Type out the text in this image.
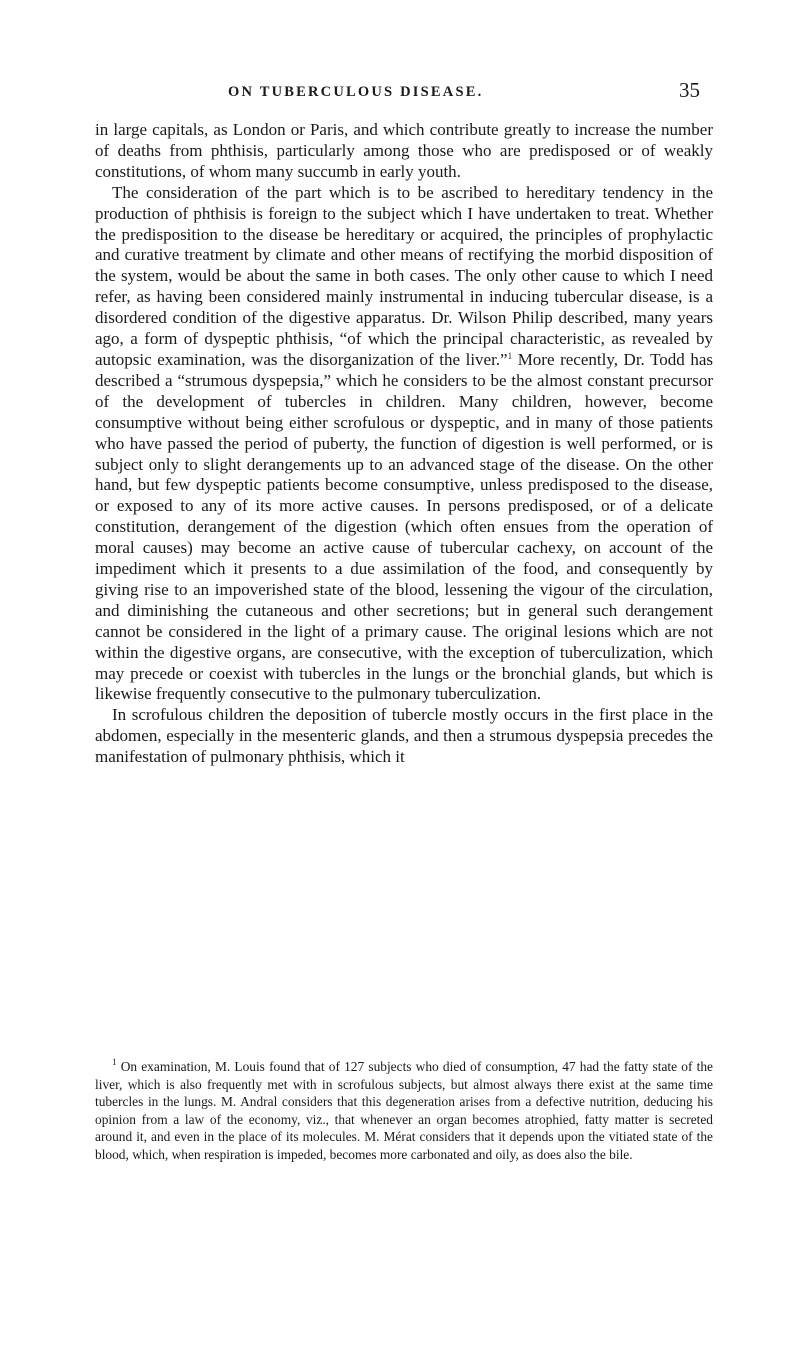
ON TUBERCULOUS DISEASE.	35

in large capitals, as London or Paris, and which contribute greatly to increase the number of deaths from phthisis, particularly among those who are predisposed or of weakly constitutions, of whom many succumb in early youth.

The consideration of the part which is to be ascribed to hereditary tendency in the production of phthisis is foreign to the subject which I have undertaken to treat. Whether the predisposition to the disease be hereditary or acquired, the principles of prophylactic and curative treatment by climate and other means of rectifying the morbid disposition of the system, would be about the same in both cases. The only other cause to which I need refer, as having been considered mainly instrumental in inducing tubercular disease, is a disordered condition of the digestive apparatus. Dr. Wilson Philip described, many years ago, a form of dyspeptic phthisis, “of which the principal characteristic, as revealed by autopsic examination, was the disorganization of the liver.”$^1$ More recently, Dr. Todd has described a “strumous dyspepsia,” which he considers to be the almost constant precursor of the development of tubercles in children. Many children, however, become consumptive without being either scrofulous or dyspeptic, and in many of those patients who have passed the period of puberty, the function of digestion is well performed, or is subject only to slight derangements up to an advanced stage of the disease. On the other hand, but few dyspeptic patients become consumptive, unless predisposed to the disease, or exposed to any of its more active causes. In persons predisposed, or of a delicate constitution, derangement of the digestion (which often ensues from the operation of moral causes) may become an active cause of tubercular cachexy, on account of the impediment which it presents to a due assimilation of the food, and consequently by giving rise to an impoverished state of the blood, lessening the vigour of the circulation, and diminishing the cutaneous and other secretions; but in general such derangement cannot be considered in the light of a primary cause. The original lesions which are not within the digestive organs, are consecutive, with the exception of tuberculization, which may precede or coexist with tubercles in the lungs or the bronchial glands, but which is likewise frequently consecutive to the pulmonary tuberculization.

In scrofulous children the deposition of tubercle mostly occurs in the first place in the abdomen, especially in the mesenteric glands, and then a strumous dyspepsia precedes the manifestation of pulmonary phthisis, which it

$^1$ On examination, M. Louis found that of 127 subjects who died of consumption, 47 had the fatty state of the liver, which is also frequently met with in scrofulous subjects, but almost always there exist at the same time tubercles in the lungs. M. Andral considers that this degeneration arises from a defective nutrition, deducing his opinion from a law of the economy, viz., that whenever an organ becomes atrophied, fatty matter is secreted around it, and even in the place of its molecules. M. Mérat considers that it depends upon the vitiated state of the blood, which, when respiration is impeded, becomes more carbonated and oily, as does also the bile.
